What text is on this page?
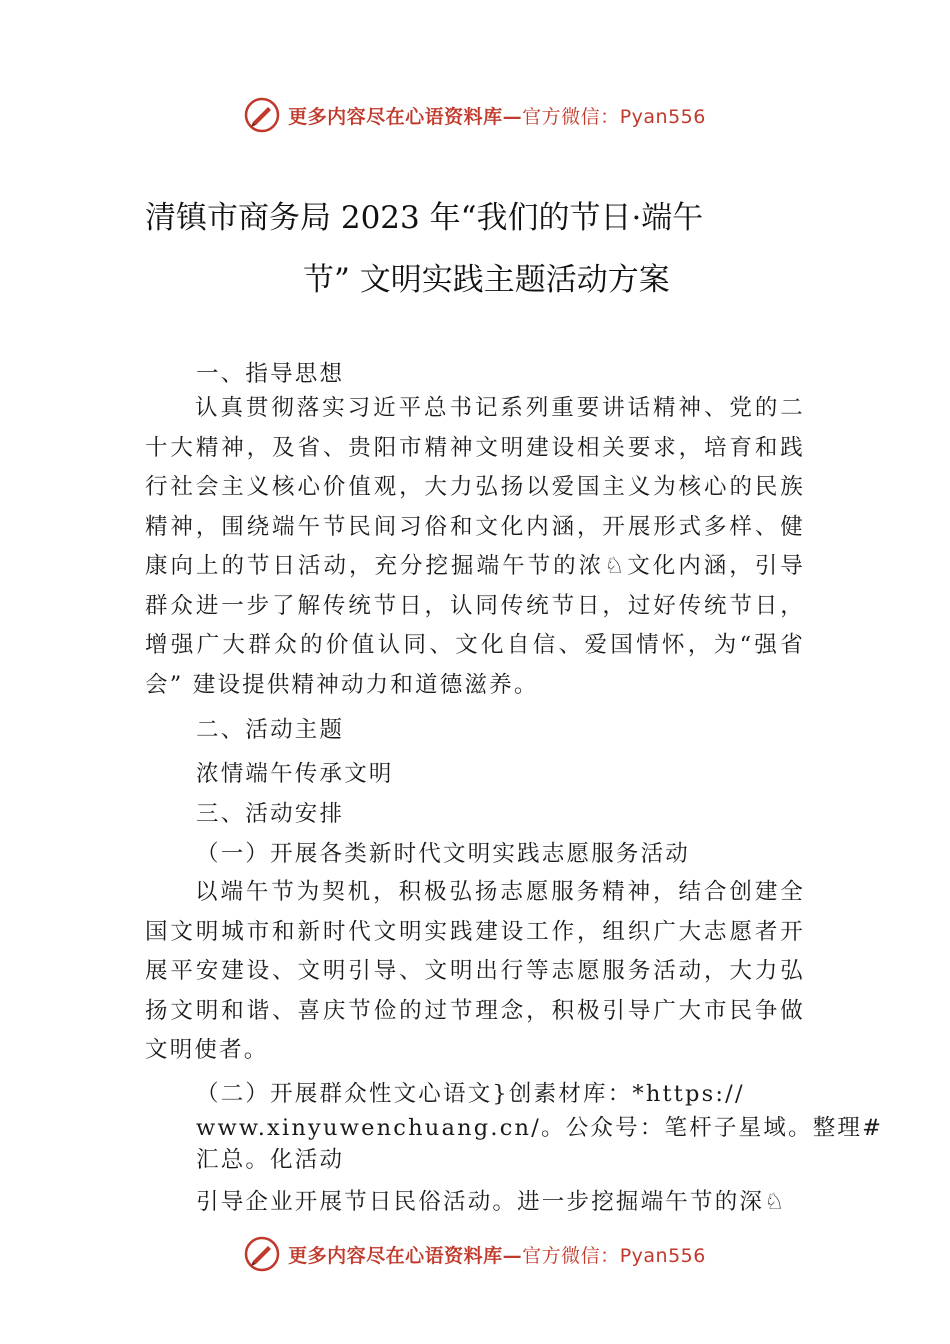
更多内容尽在心语资料库—官方微信：Pyan556
清镇市商务局 2023 年“我们的节日·端午
节” 文明实践主题活动方案
一、指导思想
认真贯彻落实习近平总书记系列重要讲话精神、党的二十大精神，及省、贵阳市精神文明建设相关要求，培育和践行社会主义核心价值观，大力弘扬以爱国主义为核心的民族精神，围绕端午节民间习俗和文化内涵，开展形式多样、健康向上的节日活动，充分挖掘端午节的浓♘文化内涵，引导群众进一步了解传统节日，认同传统节日，过好传统节日， 增强广大群众的价值认同、文化自信、爱国情怀，为“强省会” 建设提供精神动力和道德滋养。
二、活动主题
浓情端午传承文明
三、活动安排
（一）开展各类新时代文明实践志愿服务活动
以端午节为契机，积极弘扬志愿服务精神，结合创建全国文明城市和新时代文明实践建设工作，组织广大志愿者开展平安建设、文明引导、文明出行等志愿服务活动，大力弘扬文明和谐、喜庆节俭的过节理念，积极引导广大市民争做文明使者。
（二）开展群众性文心语文}创素材库：*https://
www.xinyuwenchuang.cn/。公众号：笔杆子星域。整理#
汇总。化活动
引导企业开展节日民俗活动。进一步挖掘端午节的深♘
更多内容尽在心语资料库—官方微信：Pyan556
